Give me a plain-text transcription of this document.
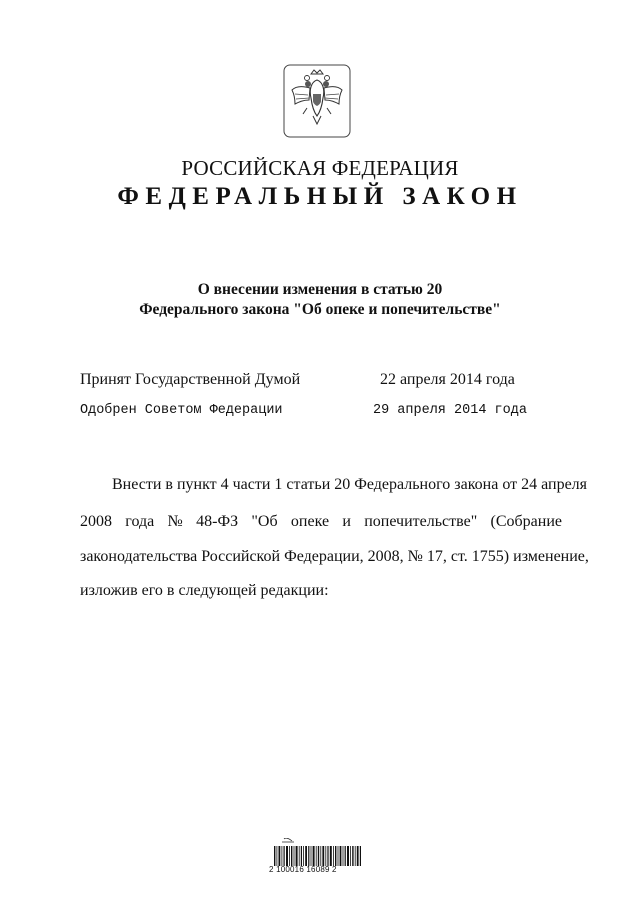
РОССИЙСКАЯ ФЕДЕРАЦИЯ
ФЕДЕРАЛЬНЫЙ ЗАКОН
О внесении изменения в статью 20
Федерального закона "Об опеке и попечительстве"
Принят Государственной Думой	22 апреля 2014 года
Одобрен Советом Федерации	29 апреля 2014 года
Внести в пункт 4 части 1 статьи 20 Федерального закона от 24 апреля
2008 года № 48-ФЗ "Об опеке и попечительстве" (Собрание
законодательства Российской Федерации, 2008, № 17, ст. 1755) изменение,
изложив его в следующей редакции:
2 100016 16089 2
